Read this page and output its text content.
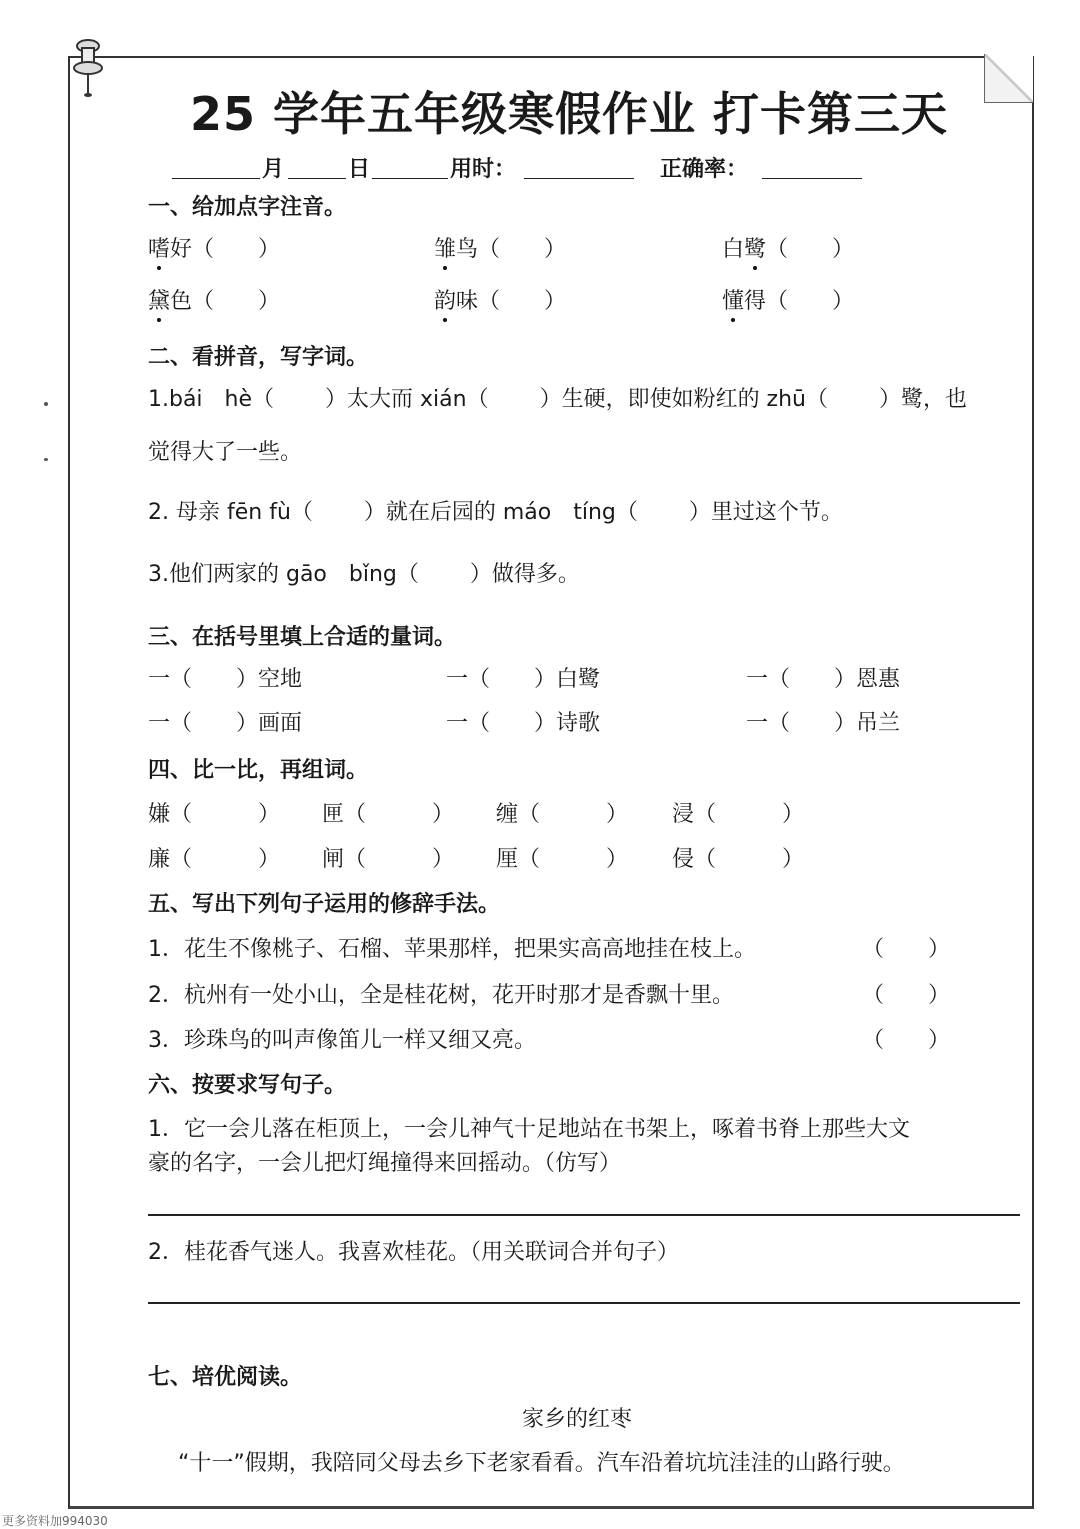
25 学年五年级寒假作业 打卡第三天
月	日	用时：	正确率：
一、给加点字注音。
嗜好（　　）	雏鸟（　　）	白鹭（　　）
黛色（　　）	韵味（　　）	懂得（　　）
二、看拼音，写字词。
1.bái　hè（　　 ）太大而 xián（　　 ）生硬，即使如粉红的 zhū（　　 ）鹭，也
觉得大了一些。
2. 母亲 fēn fù（　　 ）就在后园的 máo　tíng（　　 ）里过这个节。
3.他们两家的 gāo　bǐng（　　 ）做得多。
三、在括号里填上合适的量词。
一（　　）空地	一（　　）白鹭	一（　　）恩惠
一（　　）画面	一（　　）诗歌	一（　　）吊兰
四、比一比，再组词。
嫌（　　　） 匣（　　　） 缠（　　　） 浸（　　　）
廉（　　　） 闸（　　　） 厘（　　　） 侵（　　　）
五、写出下列句子运用的修辞手法。
1．花生不像桃子、石榴、苹果那样，把果实高高地挂在枝上。	（　　）
2．杭州有一处小山，全是桂花树，花开时那才是香飘十里。	（　　）
3．珍珠鸟的叫声像笛儿一样又细又亮。	（　　）
六、按要求写句子。
1．它一会儿落在柜顶上，一会儿神气十足地站在书架上，啄着书脊上那些大文
豪的名字，一会儿把灯绳撞得来回摇动。（仿写）
2．桂花香气迷人。我喜欢桂花。（用关联词合并句子）
七、培优阅读。
家乡的红枣
“十一”假期，我陪同父母去乡下老家看看。汽车沿着坑坑洼洼的山路行驶。
更多资料加994030
